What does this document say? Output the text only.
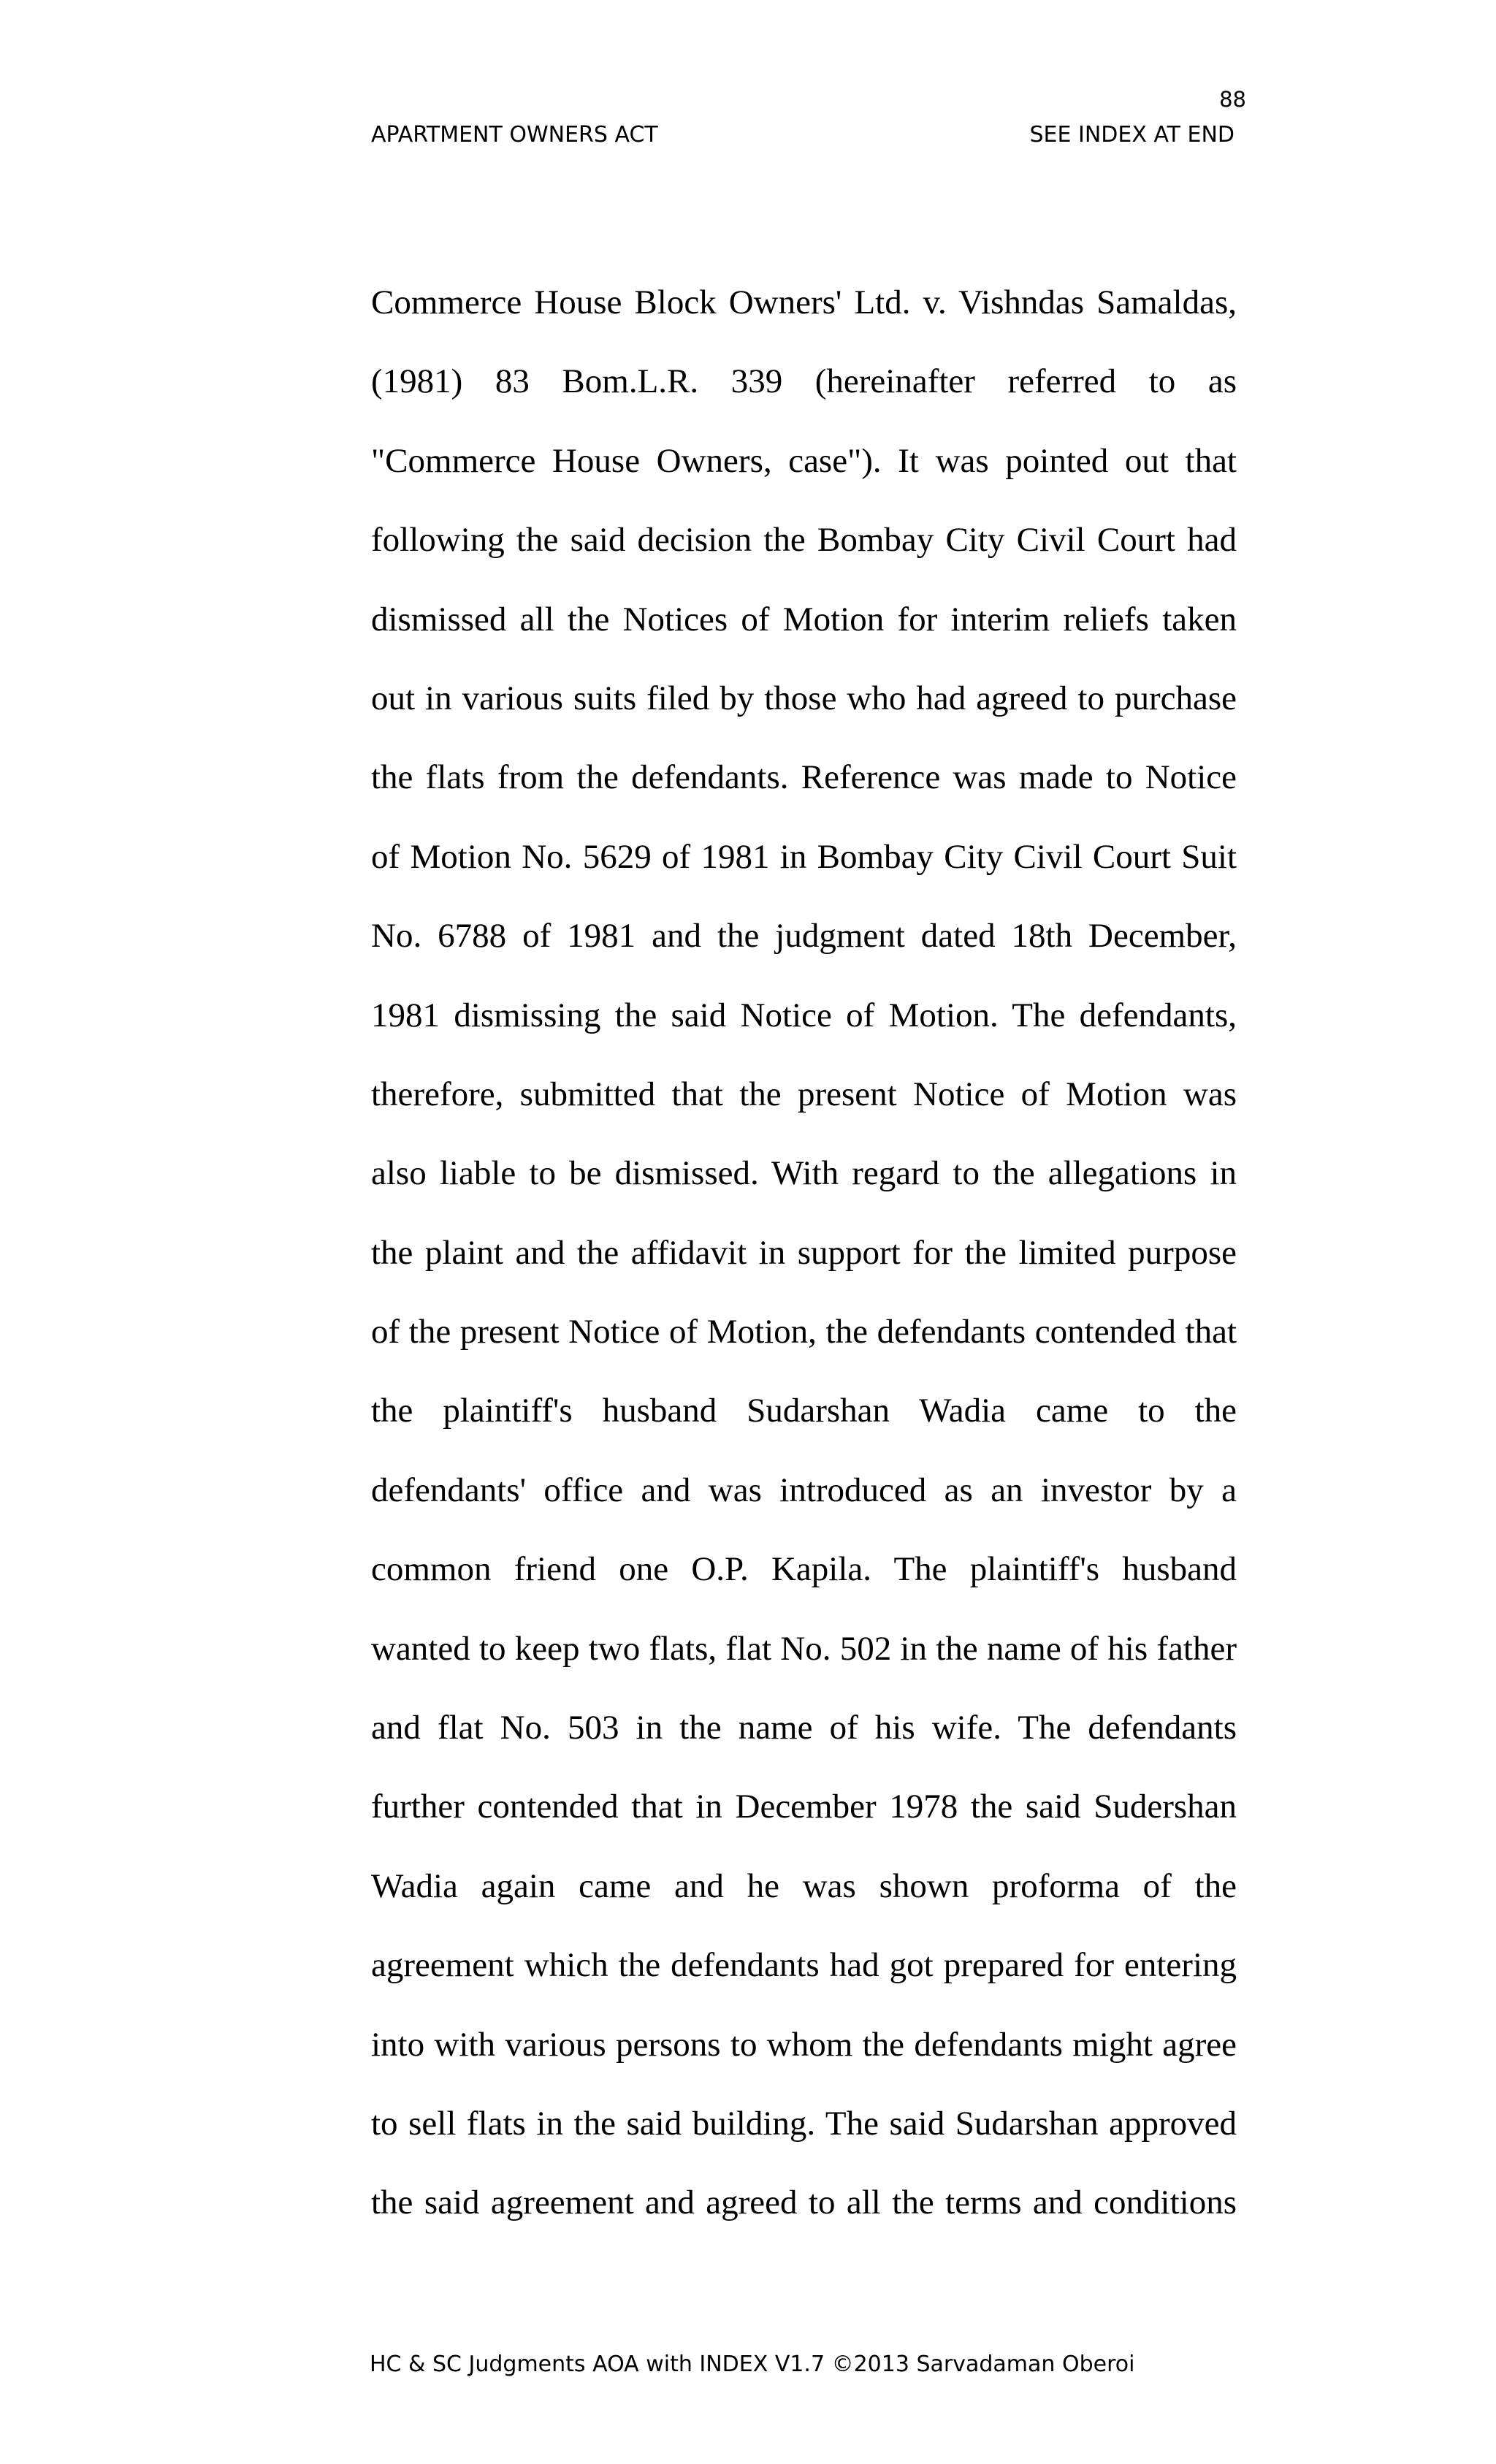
88
APARTMENT OWNERS ACT	SEE INDEX AT END
Commerce House Block Owners' Ltd. v. Vishndas Samaldas,
(1981) 83 Bom.L.R. 339 (hereinafter referred to as
"Commerce House Owners, case"). It was pointed out that
following the said decision the Bombay City Civil Court had
dismissed all the Notices of Motion for interim reliefs taken
out in various suits filed by those who had agreed to purchase
the flats from the defendants. Reference was made to Notice
of Motion No. 5629 of 1981 in Bombay City Civil Court Suit
No. 6788 of 1981 and the judgment dated 18th December,
1981 dismissing the said Notice of Motion. The defendants,
therefore, submitted that the present Notice of Motion was
also liable to be dismissed. With regard to the allegations in
the plaint and the affidavit in support for the limited purpose
of the present Notice of Motion, the defendants contended that
the plaintiff's husband Sudarshan Wadia came to the
defendants' office and was introduced as an investor by a
common friend one O.P. Kapila. The plaintiff's husband
wanted to keep two flats, flat No. 502 in the name of his father
and flat No. 503 in the name of his wife. The defendants
further contended that in December 1978 the said Sudershan
Wadia again came and he was shown proforma of the
agreement which the defendants had got prepared for entering
into with various persons to whom the defendants might agree
to sell flats in the said building. The said Sudarshan approved
the said agreement and agreed to all the terms and conditions
HC & SC Judgments AOA with INDEX V1.7 ©2013 Sarvadaman Oberoi
